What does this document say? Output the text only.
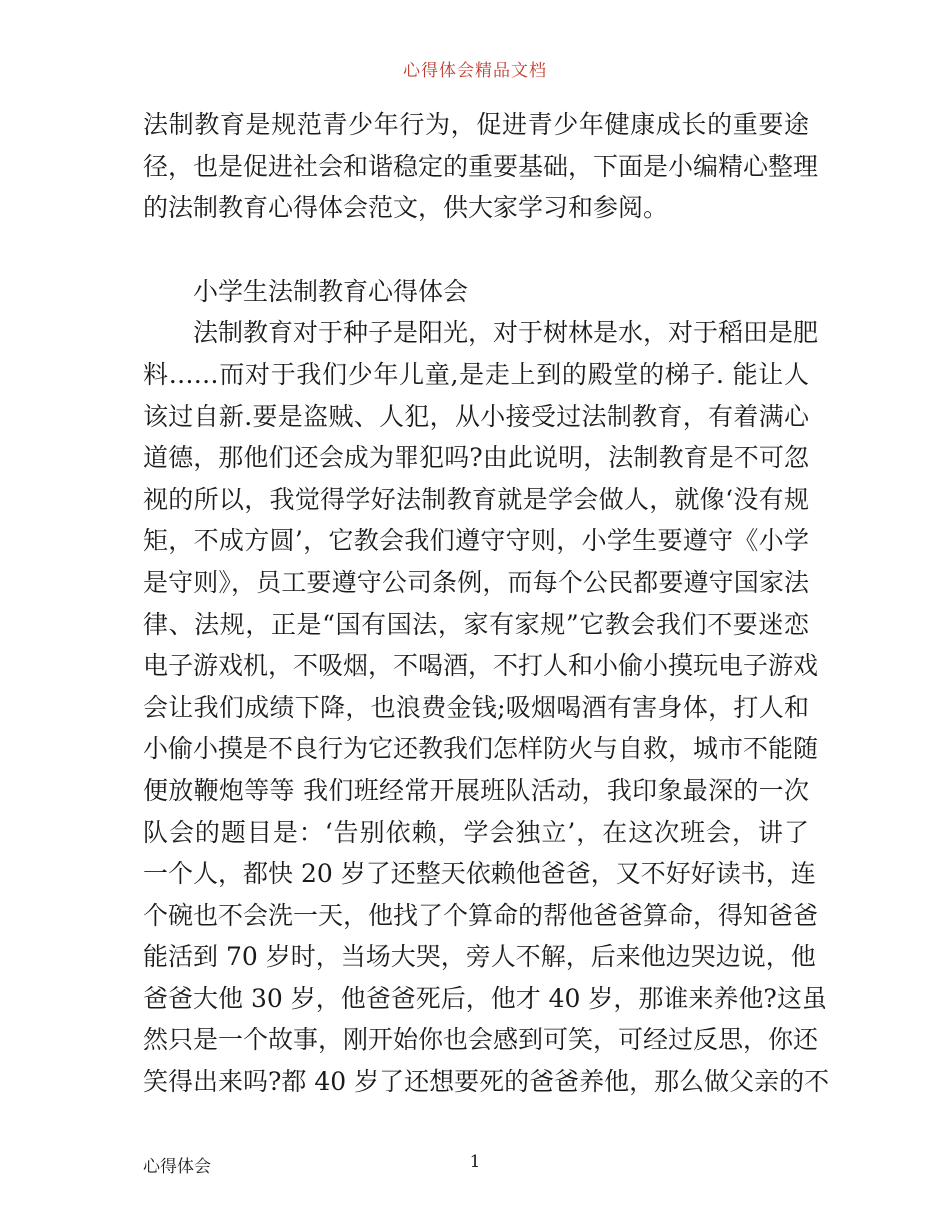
心得体会精品文档
法制教育是规范青少年行为，促进青少年健康成长的重要途
径，也是促进社会和谐稳定的重要基础，下面是小编精心整理
的法制教育心得体会范文，供大家学习和参阅。
小学生法制教育心得体会
法制教育对于种子是阳光，对于树林是水，对于稻田是肥
料……而对于我们少年儿童,是走上到的殿堂的梯子. 能让人
该过自新.要是盗贼、人犯，从小接受过法制教育，有着满心
道德，那他们还会成为罪犯吗?由此说明，法制教育是不可忽
视的所以，我觉得学好法制教育就是学会做人，就像‘没有规
矩，不成方圆’，它教会我们遵守守则，小学生要遵守《小学
是守则》，员工要遵守公司条例，而每个公民都要遵守国家法
律、法规，正是“国有国法，家有家规”它教会我们不要迷恋
电子游戏机，不吸烟，不喝酒，不打人和小偷小摸玩电子游戏
会让我们成绩下降，也浪费金钱;吸烟喝酒有害身体，打人和
小偷小摸是不良行为它还教我们怎样防火与自救，城市不能随
便放鞭炮等等 我们班经常开展班队活动，我印象最深的一次
队会的题目是：‘告别依赖，学会独立’，在这次班会，讲了
一个人，都快 20 岁了还整天依赖他爸爸，又不好好读书，连
个碗也不会洗一天，他找了个算命的帮他爸爸算命，得知爸爸
能活到 70 岁时，当场大哭，旁人不解，后来他边哭边说，他
爸爸大他 30 岁，他爸爸死后，他才 40 岁，那谁来养他?这虽
然只是一个故事，刚开始你也会感到可笑，可经过反思，你还
笑得出来吗?都 40 岁了还想要死的爸爸养他，那么做父亲的不
心得体会	1
